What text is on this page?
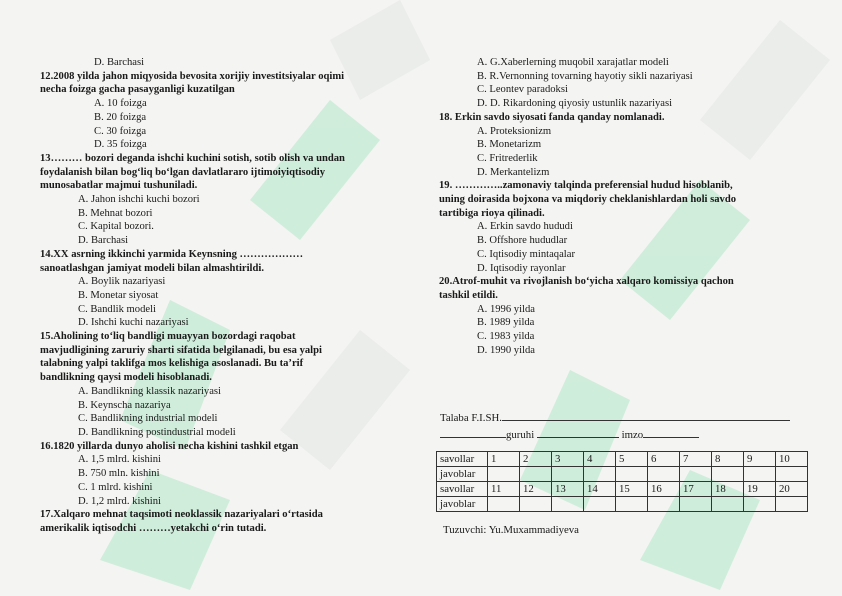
D. Barchasi
12.2008 yilda jahon miqyosida bevosita xorijiy investitsiyalar oqimi
necha foizga gacha pasayganligi kuzatilgan
A. 10 foizga
B. 20 foizga
C. 30 foizga
D. 35 foizga
13……… bozori deganda ishchi kuchini sotish, sotib olish va undan
foydalanish bilan bog‘liq bo‘lgan davlatlararo ijtimoiyiqtisodiy
munosabatlar majmui tushuniladi.
A. Jahon ishchi kuchi bozori
B. Mehnat bozori
C. Kapital bozori.
D. Barchasi
14.XX asrning ikkinchi yarmida Keynsning ………………
sanoatlashgan jamiyat modeli bilan almashtirildi.
A. Boylik nazariyasi
B. Monetar siyosat
C. Bandlik modeli
D. Ishchi kuchi nazariyasi
15.Aholining to‘liq bandligi muayyan bozordagi raqobat
mavjudligining zaruriy sharti sifatida belgilanadi, bu esa yalpi
talabning yalpi taklifga mos kelishiga asoslanadi. Bu ta’rif
bandlikning qaysi modeli hisoblanadi.
A. Bandlikning klassik nazariyasi
B. Keynscha nazariya
C. Bandlikning industrial modeli
D. Bandlikning postindustrial modeli
16.1820 yillarda dunyo aholisi necha kishini tashkil etgan
A. 1,5 mlrd. kishini
B. 750 mln. kishini
C. 1 mlrd. kishini
D. 1,2 mlrd. kishini
17.Xalqaro mehnat taqsimoti neoklassik nazariyalari o‘rtasida
amerikalik iqtisodchi ………yetakchi o‘rin tutadi.
A. G.Xaberlerning muqobil xarajatlar modeli
B. R.Vernonning tovarning hayotiy sikli nazariyasi
C. Leontev paradoksi
D. D. Rikardoning qiyosiy ustunlik nazariyasi
18. Erkin savdo siyosati fanda qanday nomlanadi.
A. Proteksionizm
B. Monetarizm
C. Fritrederlik
D. Merkantelizm
19. …………..zamonaviy talqinda preferensial hudud hisoblanib,
uning doirasida bojxona va miqdoriy cheklanishlardan holi savdo
tartibiga rioya qilinadi.
A. Erkin savdo hududi
B. Offshore hududlar
C. Iqtisodiy mintaqalar
D. Iqtisodiy rayonlar
20.Atrof-muhit va rivojlanish bo‘yicha xalqaro komissiya qachon
tashkil etildi.
A. 1996 yilda
B. 1989 yilda
C. 1983 yilda
D. 1990 yilda
Talaba F.I.SH.
guruhi	imzo
savollar	1	2	3	4	5	6	7	8	9	10
javoblar										
savollar	11	12	13	14	15	16	17	18	19	20
javoblar										
Tuzuvchi: Yu.Muxammadiyeva
